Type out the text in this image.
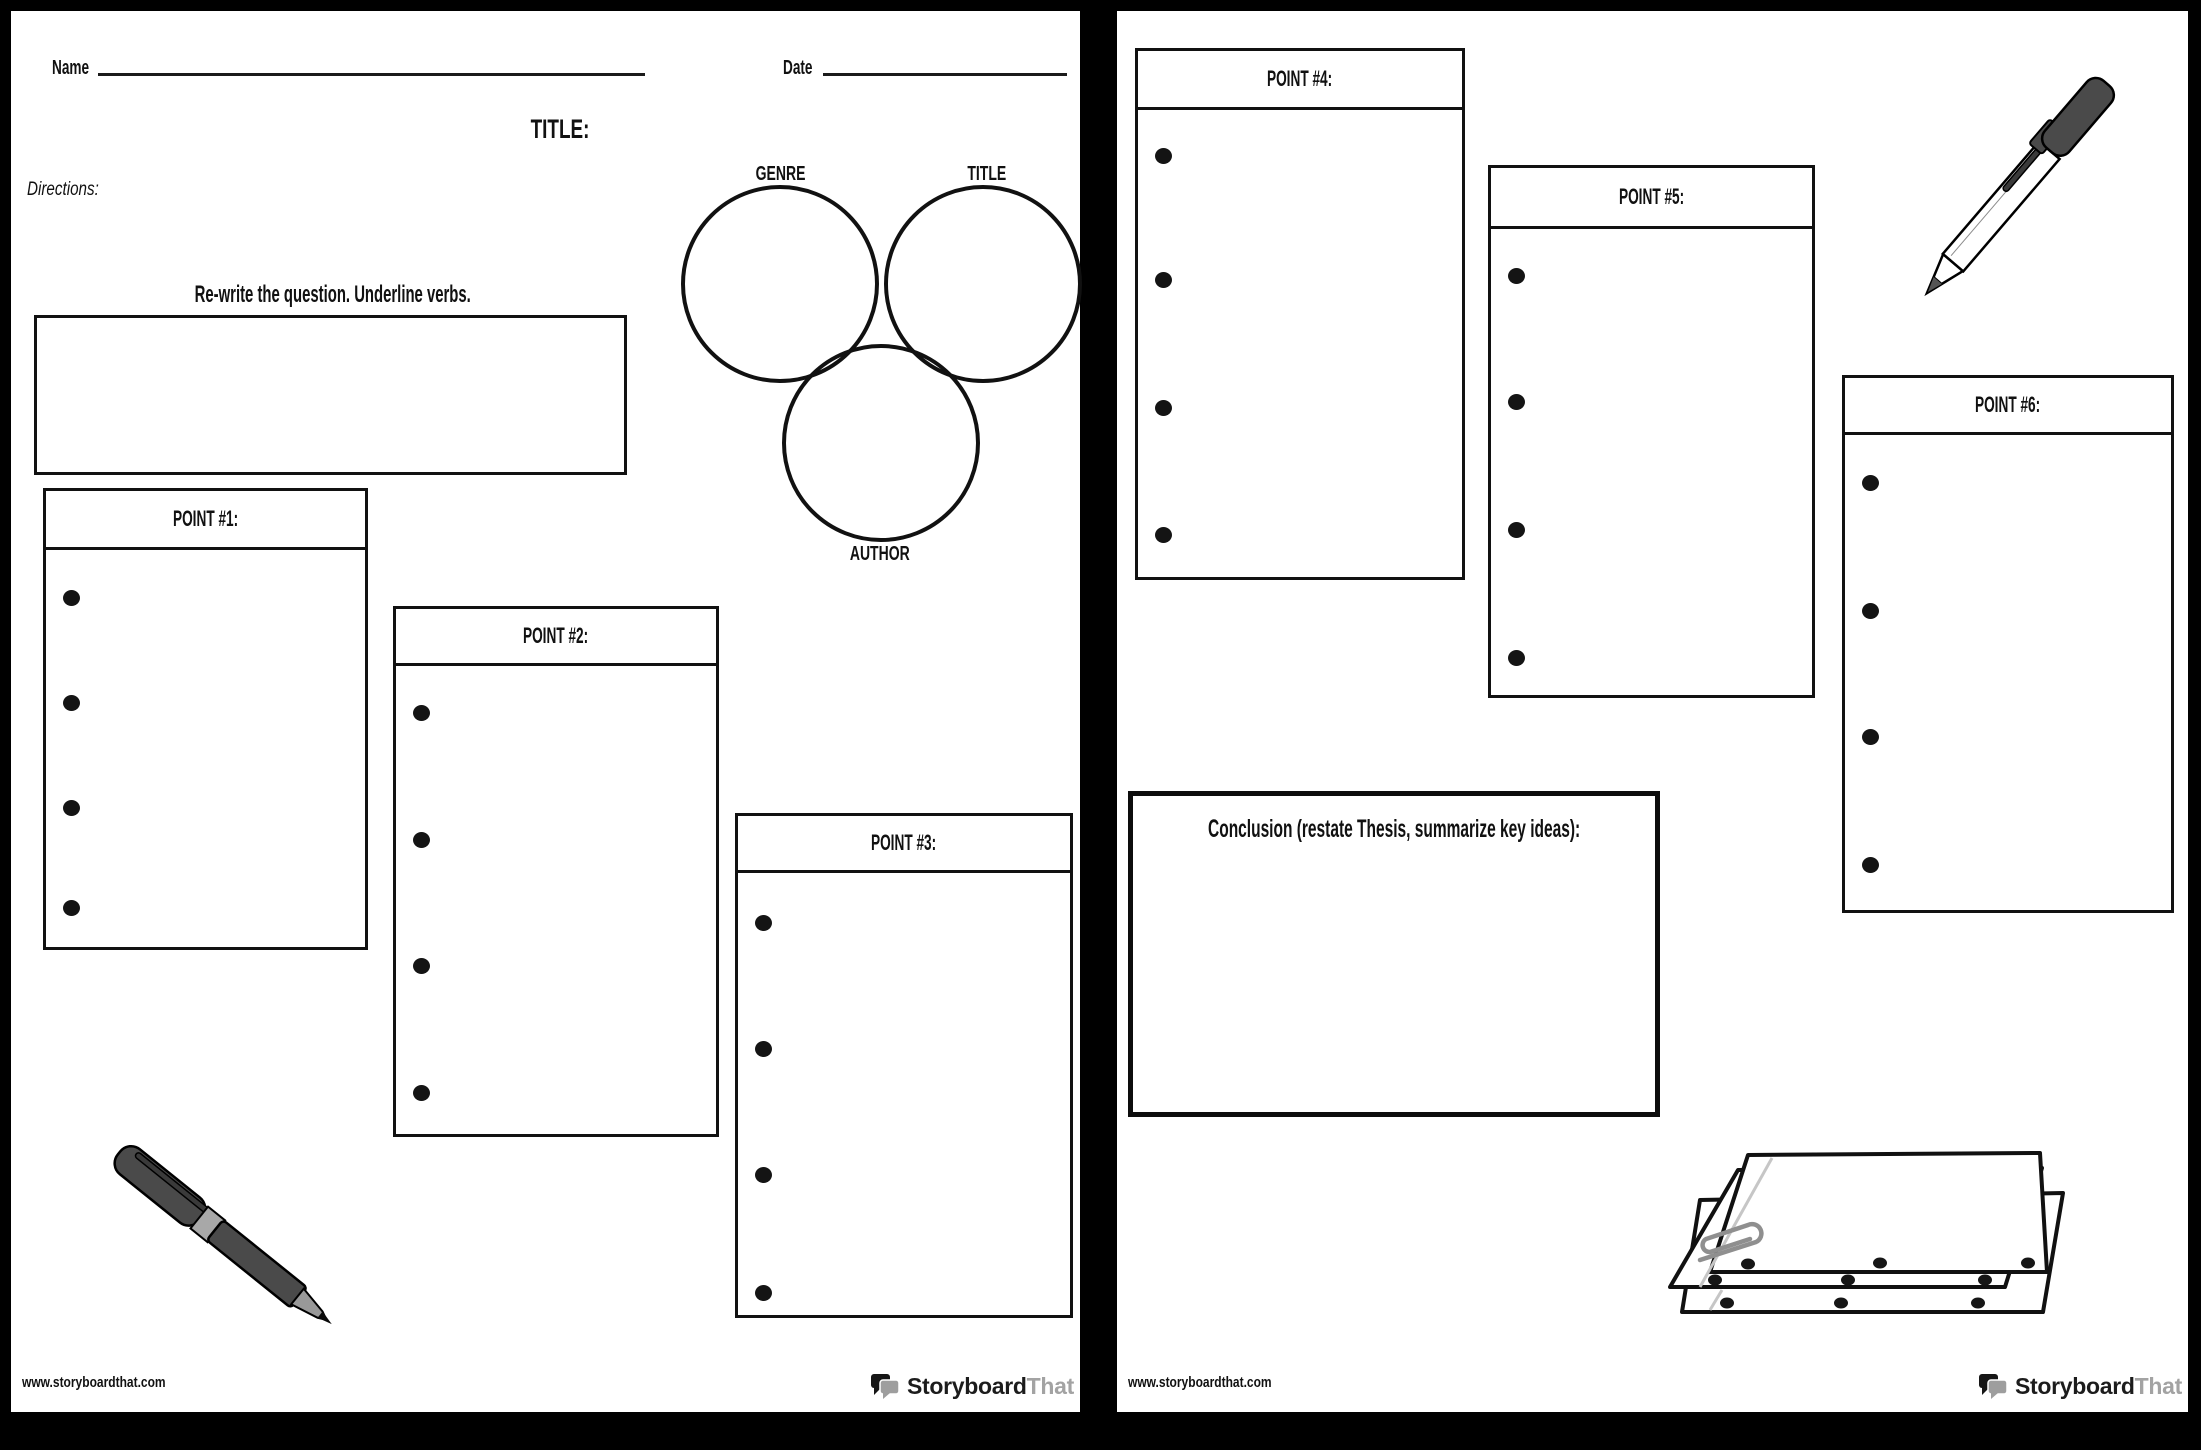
Name	Date
TITLE:
Directions:
Re-write the question. Underline verbs.
GENRE	TITLE
AUTHOR
POINT #1:
POINT #2:
POINT #3:
www.storyboardthat.com	StoryboardThat
POINT #4:
POINT #5:
POINT #6:
Conclusion (restate Thesis, summarize key ideas):
www.storyboardthat.com	StoryboardThat
